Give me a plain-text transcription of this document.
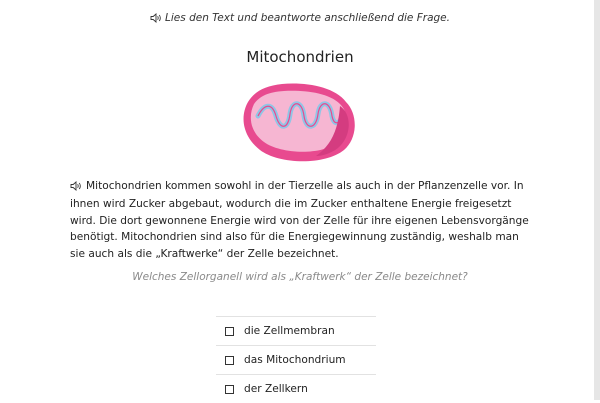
Lies den Text und beantworte anschließend die Frage.
Mitochondrien
Mitochondrien kommen sowohl in der Tierzelle als auch in der Pflanzenzelle vor. In ihnen wird Zucker abgebaut, wodurch die im Zucker enthaltene Energie freigesetzt wird. Die dort gewonnene Energie wird von der Zelle für ihre eigenen Lebensvorgänge benötigt. Mitochondrien sind also für die Energiegewinnung zuständig, weshalb man sie auch als die „Kraftwerke“ der Zelle bezeichnet.
Welches Zellorganell wird als „Kraftwerk“ der Zelle bezeichnet?
die Zellmembran
das Mitochondrium
der Zellkern
